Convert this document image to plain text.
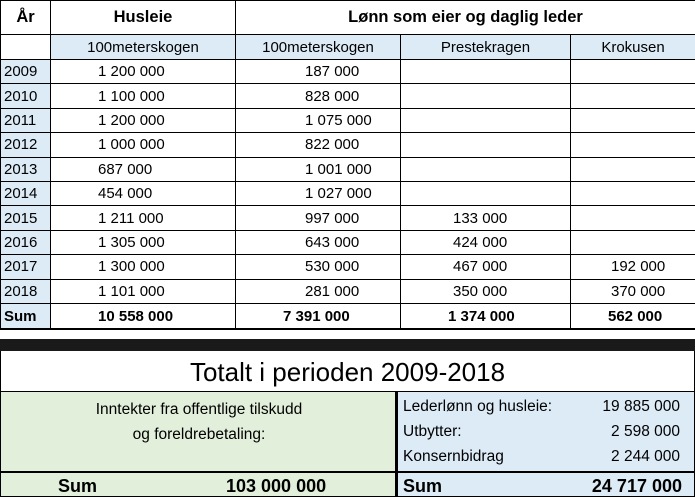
År	Husleie	Lønn som eier og daglig leder		
	100meterskogen	100meterskogen	Prestekragen	Krokusen
2009	1 200 000	187 000		
2010	1 100 000	828 000		
2011	1 200 000	1 075 000		
2012	1 000 000	822 000		
2013	687 000	1 001 000		
2014	454 000	1 027 000		
2015	1 211 000	997 000	133 000	
2016	1 305 000	643 000	424 000	
2017	1 300 000	530 000	467 000	192 000
2018	1 101 000	281 000	350 000	370 000
Sum	10 558 000	7 391 000	1 374 000	562 000
Totalt i perioden 2009-2018
Inntekter fra offentlige tilskudd
og foreldrebetaling:
Sum	103 000 000
Lederlønn og husleie:	19 885 000
Utbytter:	2 598 000
Konsernbidrag	2 244 000
Sum	24 717 000
